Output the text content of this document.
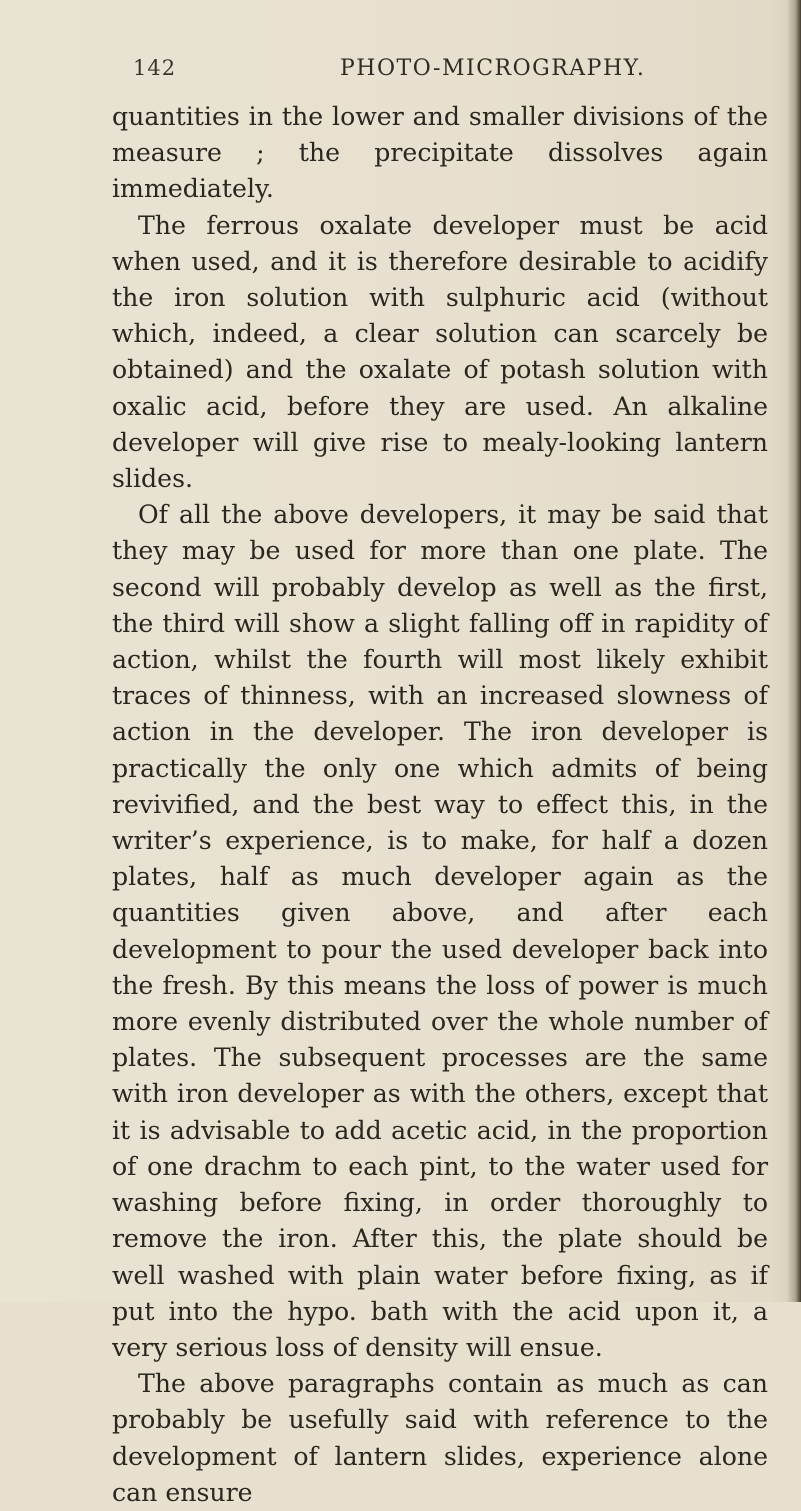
142	PHOTO-MICROGRAPHY.

quantities in the lower and smaller divisions of the measure ; the precipitate dissolves again immediately.

The ferrous oxalate developer must be acid when used, and it is therefore desirable to acidify the iron solution with sulphuric acid (without which, indeed, a clear solution can scarcely be obtained) and the oxalate of potash solution with oxalic acid, before they are used. An alkaline developer will give rise to mealy-looking lantern slides.

Of all the above developers, it may be said that they may be used for more than one plate. The second will probably develop as well as the first, the third will show a slight falling off in rapidity of action, whilst the fourth will most likely exhibit traces of thinness, with an increased slowness of action in the developer. The iron developer is practically the only one which admits of being revivified, and the best way to effect this, in the writer’s experience, is to make, for half a dozen plates, half as much developer again as the quantities given above, and after each development to pour the used developer back into the fresh. By this means the loss of power is much more evenly distributed over the whole number of plates. The subsequent processes are the same with iron developer as with the others, except that it is advisable to add acetic acid, in the proportion of one drachm to each pint, to the water used for washing before fixing, in order thoroughly to remove the iron. After this, the plate should be well washed with plain water before fixing, as if put into the hypo. bath with the acid upon it, a very serious loss of density will ensue.

The above paragraphs contain as much as can probably be usefully said with reference to the development of lantern slides, experience alone can ensure
